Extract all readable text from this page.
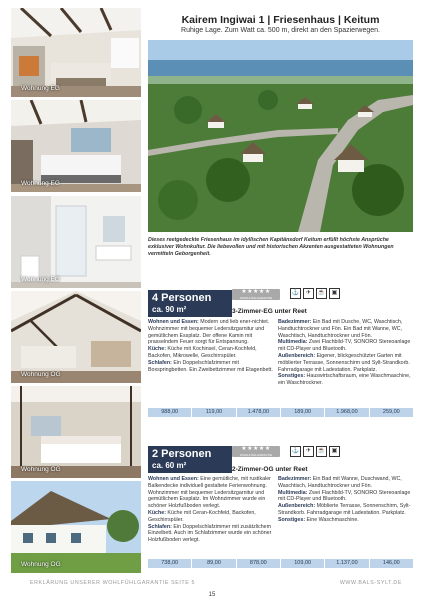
Wohnung EG
Wohnung EG
Wohnung EG
Wohnung OG
Wohnung OG
Wohnung OG
Kairem Ingiwai 1 | Friesenhaus | Keitum
Ruhige Lage. Zum Watt ca. 500 m, direkt an den Spazierwegen.
Dieses reetgedeckte Friesenhaus im idyllischen Kapitänsdorf Keitum erfüllt höchste Ansprüche exklusiver Wohnkultur. Die liebevollen und mit historischen Akzenten ausgestatteten Wohnungen vermitteln Geborgenheit.
4 Personen
ca. 90 m²
★★★★★
WOHLFÜHLGARANTIE
⚓	✈	☕	▣
3-Zimmer-EG unter Reet
Wohnen und Essen: Modern und lieb ener-nichtet. Wohnzimmer mit bequemer Ledersitzgarnitur und gemütlichem Essplatz. Der offene Kamin mit prasselndem Feuer sorgt für Entspannung.
Küche: Küche mit Kochinsel, Ceran-Kochfeld, Backofen, Mikrowelle, Geschirrspüler.
Schlafen: Ein Doppelschlafzimmer mit Boxspringbetten. Ein Zweibettzimmer mit Etagenbett.
Badezimmer: Ein Bad mit Dusche, WC, Waschtisch, Handtuchtrockner und Fön. Ein Bad mit Wanne, WC, Waschtisch, Handtuchtrockner und Fön.
Multimedia: Zwei Flachbild-TV, SONORO Stereoanlage mit CD-Player und Bluetooth.
Außenbereich: Eigener, blickgeschützter Garten mit möblierter Terrasse, Sonnenschirm und Sylt-Strandkorb. Fahrradgarage mit Ladestation. Parkplatz.
Sonstiges: Hauswirtschaftsraum, eine Waschmaschine, ein Waschtrockner.
988,00	119,00	1.478,00	189,00	1.968,00	259,00
2 Personen
ca. 60 m²
★★★★★
WOHLFÜHLGARANTIE
⚓	✈	☕	▣
2-Zimmer-OG unter Reet
Wohnen und Essen: Eine gemütliche, mit rustikaler Balkendecke individuell gestaltete Ferienwohnung. Wohnzimmer mit bequemer Ledersitzgarnitur und gemütlichem Essplatz. Im Wohnzimmer wurde ein schöner Holzfußboden verlegt.
Küche: Küche mit Ceran-Kochfeld, Backofen, Geschirrspüler.
Schlafen: Ein Doppelschlafzimmer mit zusätzlichem Einzelbett. Auch im Schlafzimmer wurde ein schöner Holzfußboden verlegt.
Badezimmer: Ein Bad mit Wanne, Duschwand, WC, Waschtisch, Handtuchtrockner und Fön.
Multimedia: Zwei Flachbild-TV, SONORO Stereoanlage mit CD-Player und Bluetooth.
Außenbereich: Möblierte Terrasse, Sonnenschirm, Sylt-Strandkorb. Fahrradgarage mit Ladestation. Parkplatz.
Sonstiges: Eine Waschmaschine.
738,00	89,00	878,00	109,00	1.137,00	146,00
ERKLÄRUNG UNSERER WOHLFÜHLGARANTIE SEITE 5	WWW.BALS-SYLT.DE
15
